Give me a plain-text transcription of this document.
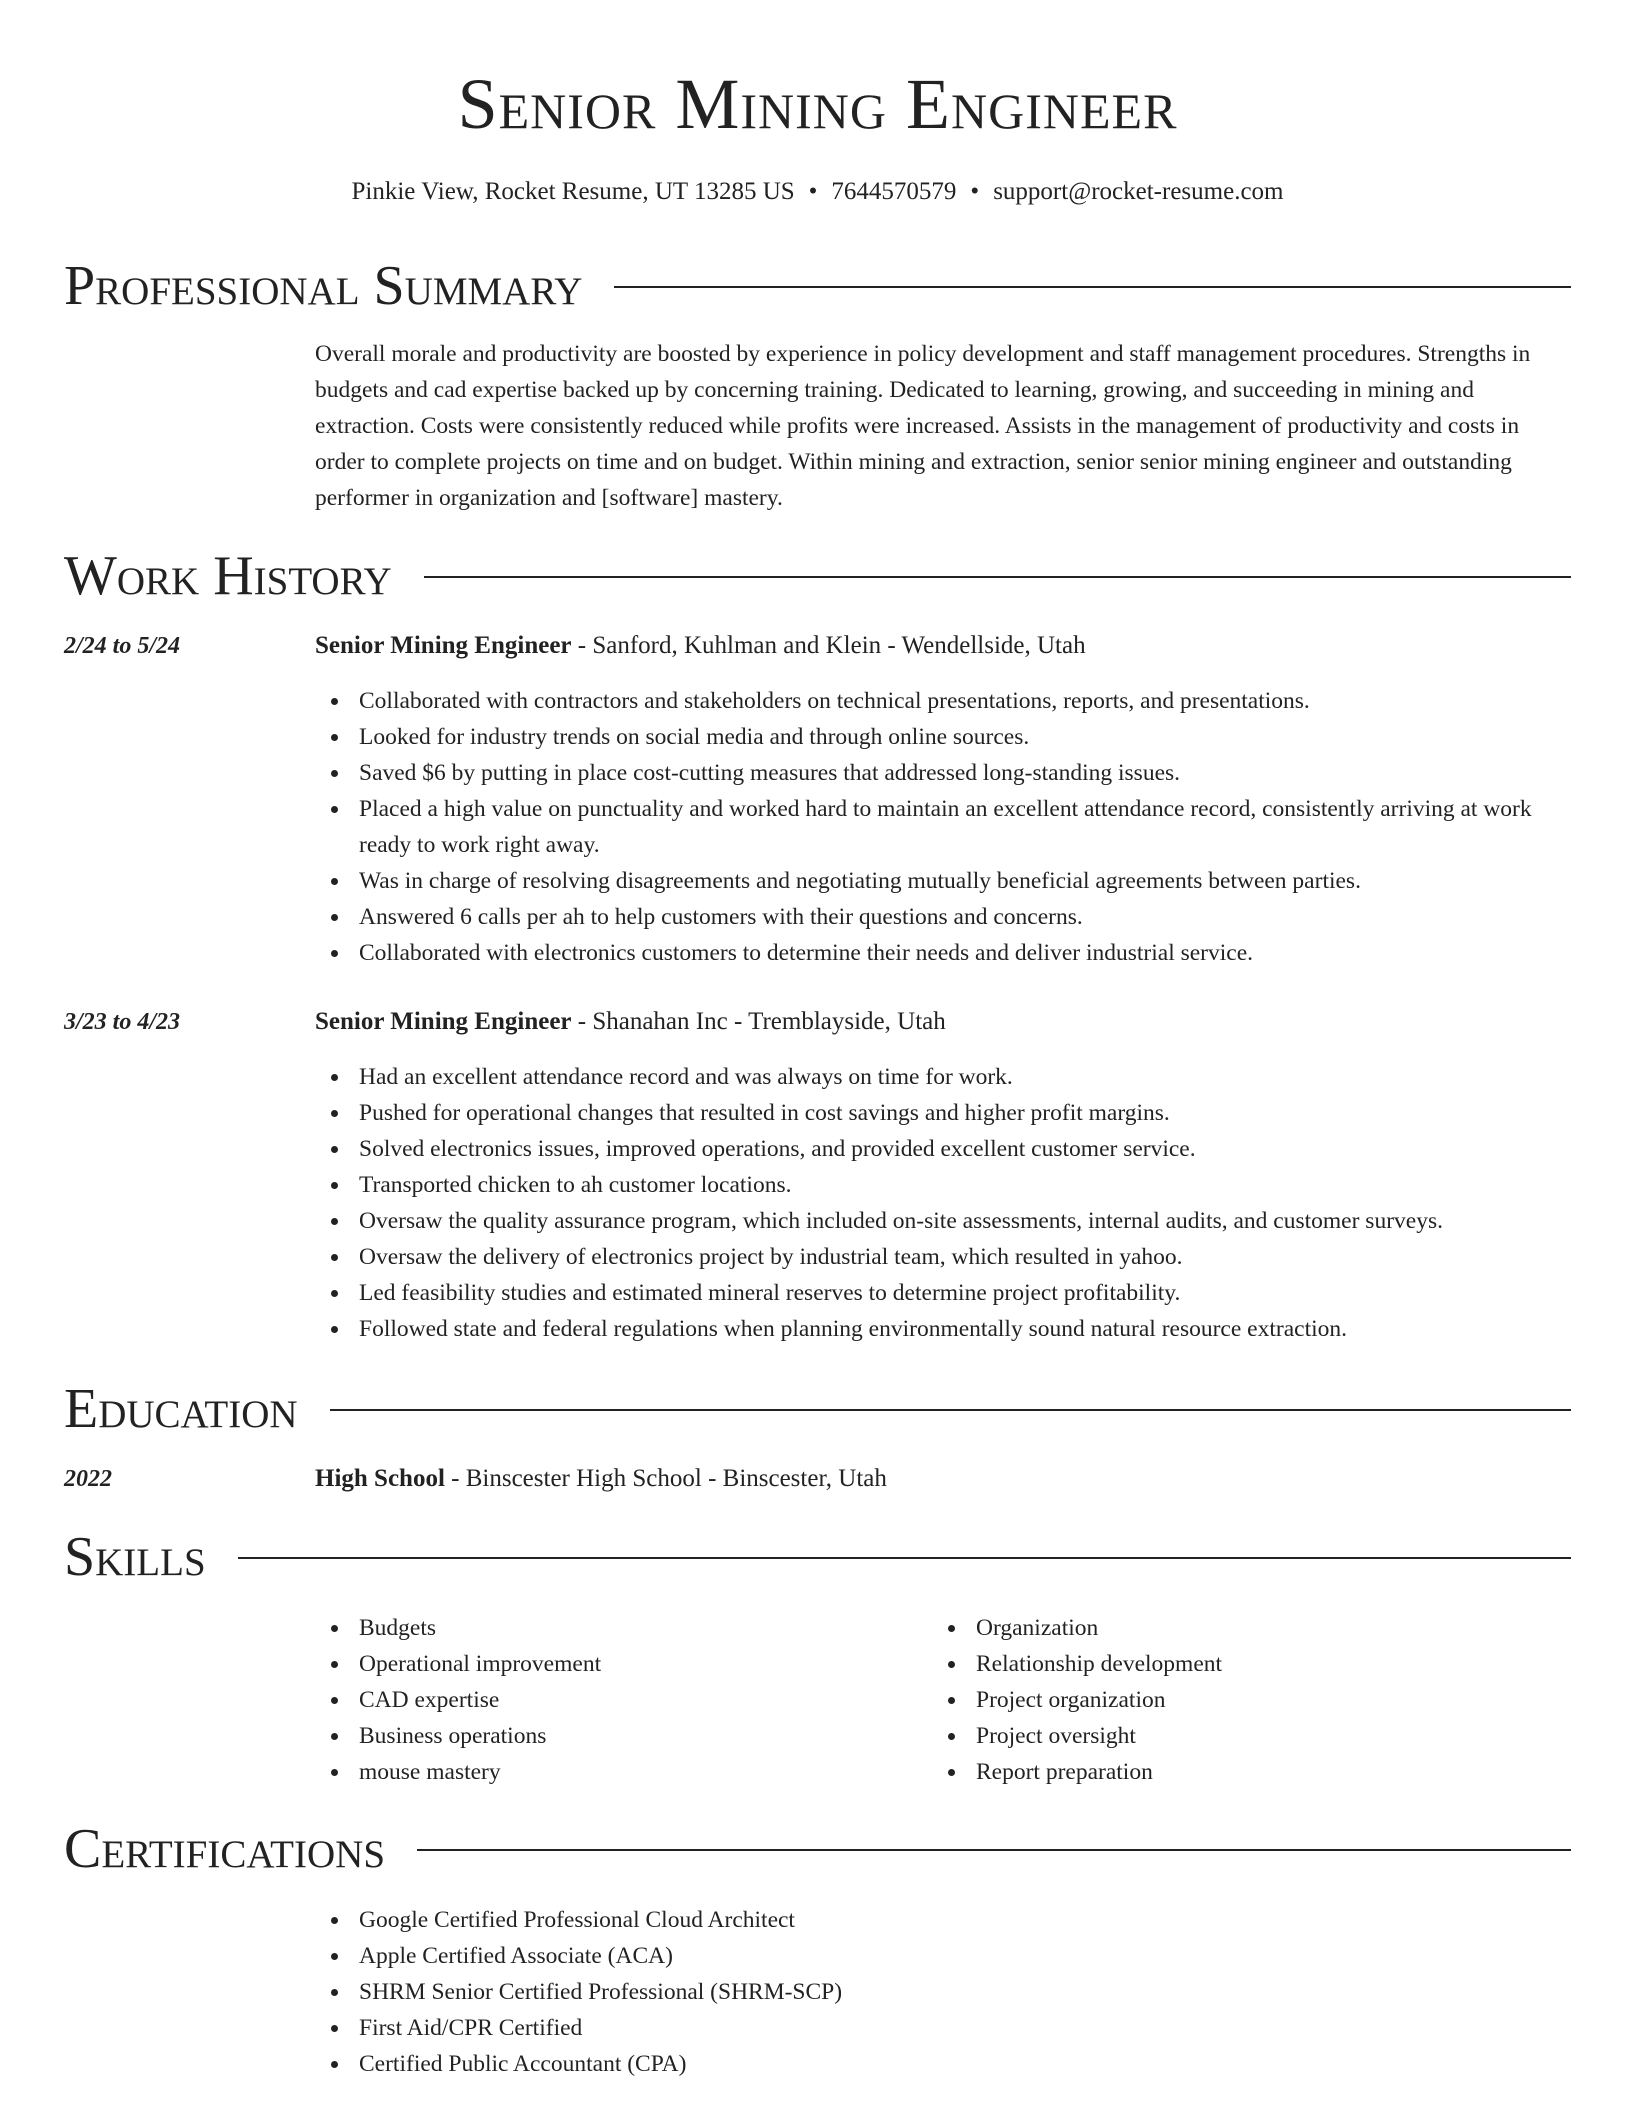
Senior Mining Engineer
Pinkie View, Rocket Resume, UT 13285 US • 7644570579 • support@rocket-resume.com
Professional Summary
Overall morale and productivity are boosted by experience in policy development and staff management procedures. Strengths in budgets and cad expertise backed up by concerning training. Dedicated to learning, growing, and succeeding in mining and extraction. Costs were consistently reduced while profits were increased. Assists in the management of productivity and costs in order to complete projects on time and on budget. Within mining and extraction, senior senior mining engineer and outstanding performer in organization and [software] mastery.
Work History
2/24 to 5/24	Senior Mining Engineer - Sanford, Kuhlman and Klein - Wendellside, Utah
Collaborated with contractors and stakeholders on technical presentations, reports, and presentations.
Looked for industry trends on social media and through online sources.
Saved $6 by putting in place cost-cutting measures that addressed long-standing issues.
Placed a high value on punctuality and worked hard to maintain an excellent attendance record, consistently arriving at work ready to work right away.
Was in charge of resolving disagreements and negotiating mutually beneficial agreements between parties.
Answered 6 calls per ah to help customers with their questions and concerns.
Collaborated with electronics customers to determine their needs and deliver industrial service.
3/23 to 4/23	Senior Mining Engineer - Shanahan Inc - Tremblayside, Utah
Had an excellent attendance record and was always on time for work.
Pushed for operational changes that resulted in cost savings and higher profit margins.
Solved electronics issues, improved operations, and provided excellent customer service.
Transported chicken to ah customer locations.
Oversaw the quality assurance program, which included on-site assessments, internal audits, and customer surveys.
Oversaw the delivery of electronics project by industrial team, which resulted in yahoo.
Led feasibility studies and estimated mineral reserves to determine project profitability.
Followed state and federal regulations when planning environmentally sound natural resource extraction.
Education
2022	High School - Binscester High School - Binscester, Utah
Skills
Budgets
Operational improvement
CAD expertise
Business operations
mouse mastery
Organization
Relationship development
Project organization
Project oversight
Report preparation
Certifications
Google Certified Professional Cloud Architect
Apple Certified Associate (ACA)
SHRM Senior Certified Professional (SHRM-SCP)
First Aid/CPR Certified
Certified Public Accountant (CPA)
